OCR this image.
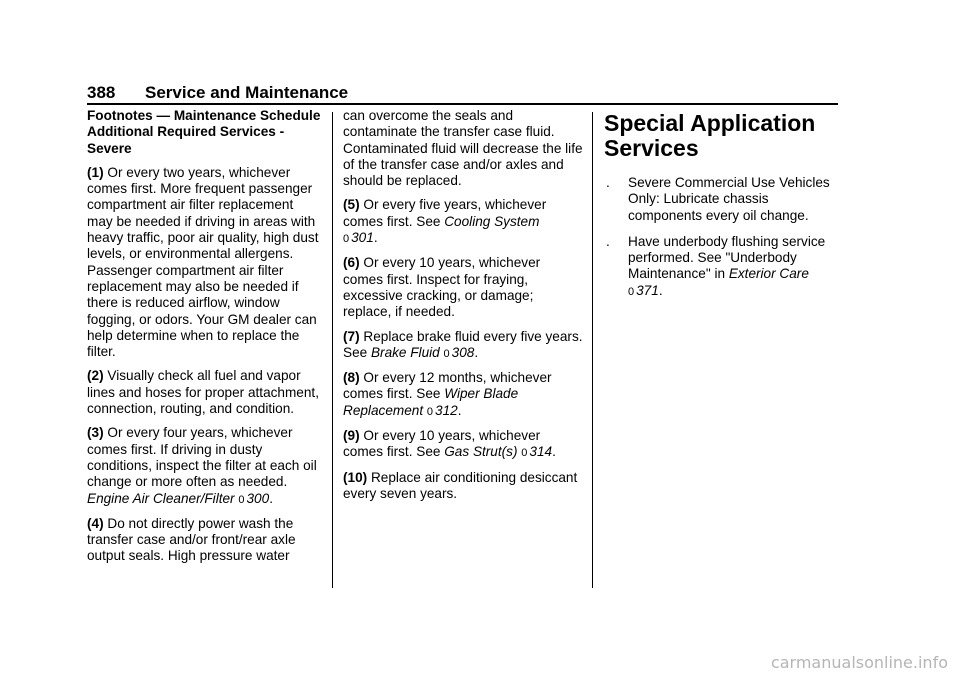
388 Service and Maintenance

Footnotes — Maintenance Schedule Additional Required Services - Severe

(1) Or every two years, whichever comes first. More frequent passenger compartment air filter replacement may be needed if driving in areas with heavy traffic, poor air quality, high dust levels, or environmental allergens. Passenger compartment air filter replacement may also be needed if there is reduced airflow, window fogging, or odors. Your GM dealer can help determine when to replace the filter.

(2) Visually check all fuel and vapor lines and hoses for proper attachment, connection, routing, and condition.

(3) Or every four years, whichever comes first. If driving in dusty conditions, inspect the filter at each oil change or more often as needed.
Engine Air Cleaner/Filter 0 300.

(4) Do not directly power wash the transfer case and/or front/rear axle output seals. High pressure water

can overcome the seals and contaminate the transfer case fluid. Contaminated fluid will decrease the life of the transfer case and/or axles and should be replaced.

(5) Or every five years, whichever comes first. See Cooling System
0 301.

(6) Or every 10 years, whichever comes first. Inspect for fraying, excessive cracking, or damage; replace, if needed.

(7) Replace brake fluid every five years. See Brake Fluid 0 308.

(8) Or every 12 months, whichever comes first. See Wiper Blade Replacement 0 312.

(9) Or every 10 years, whichever comes first. See Gas Strut(s) 0 314.

(10) Replace air conditioning desiccant every seven years.

Special Application Services
. Severe Commercial Use Vehicles Only: Lubricate chassis components every oil change.
. Have underbody flushing service performed. See "Underbody Maintenance" in Exterior Care
0 371.
carmanualsonline.info
